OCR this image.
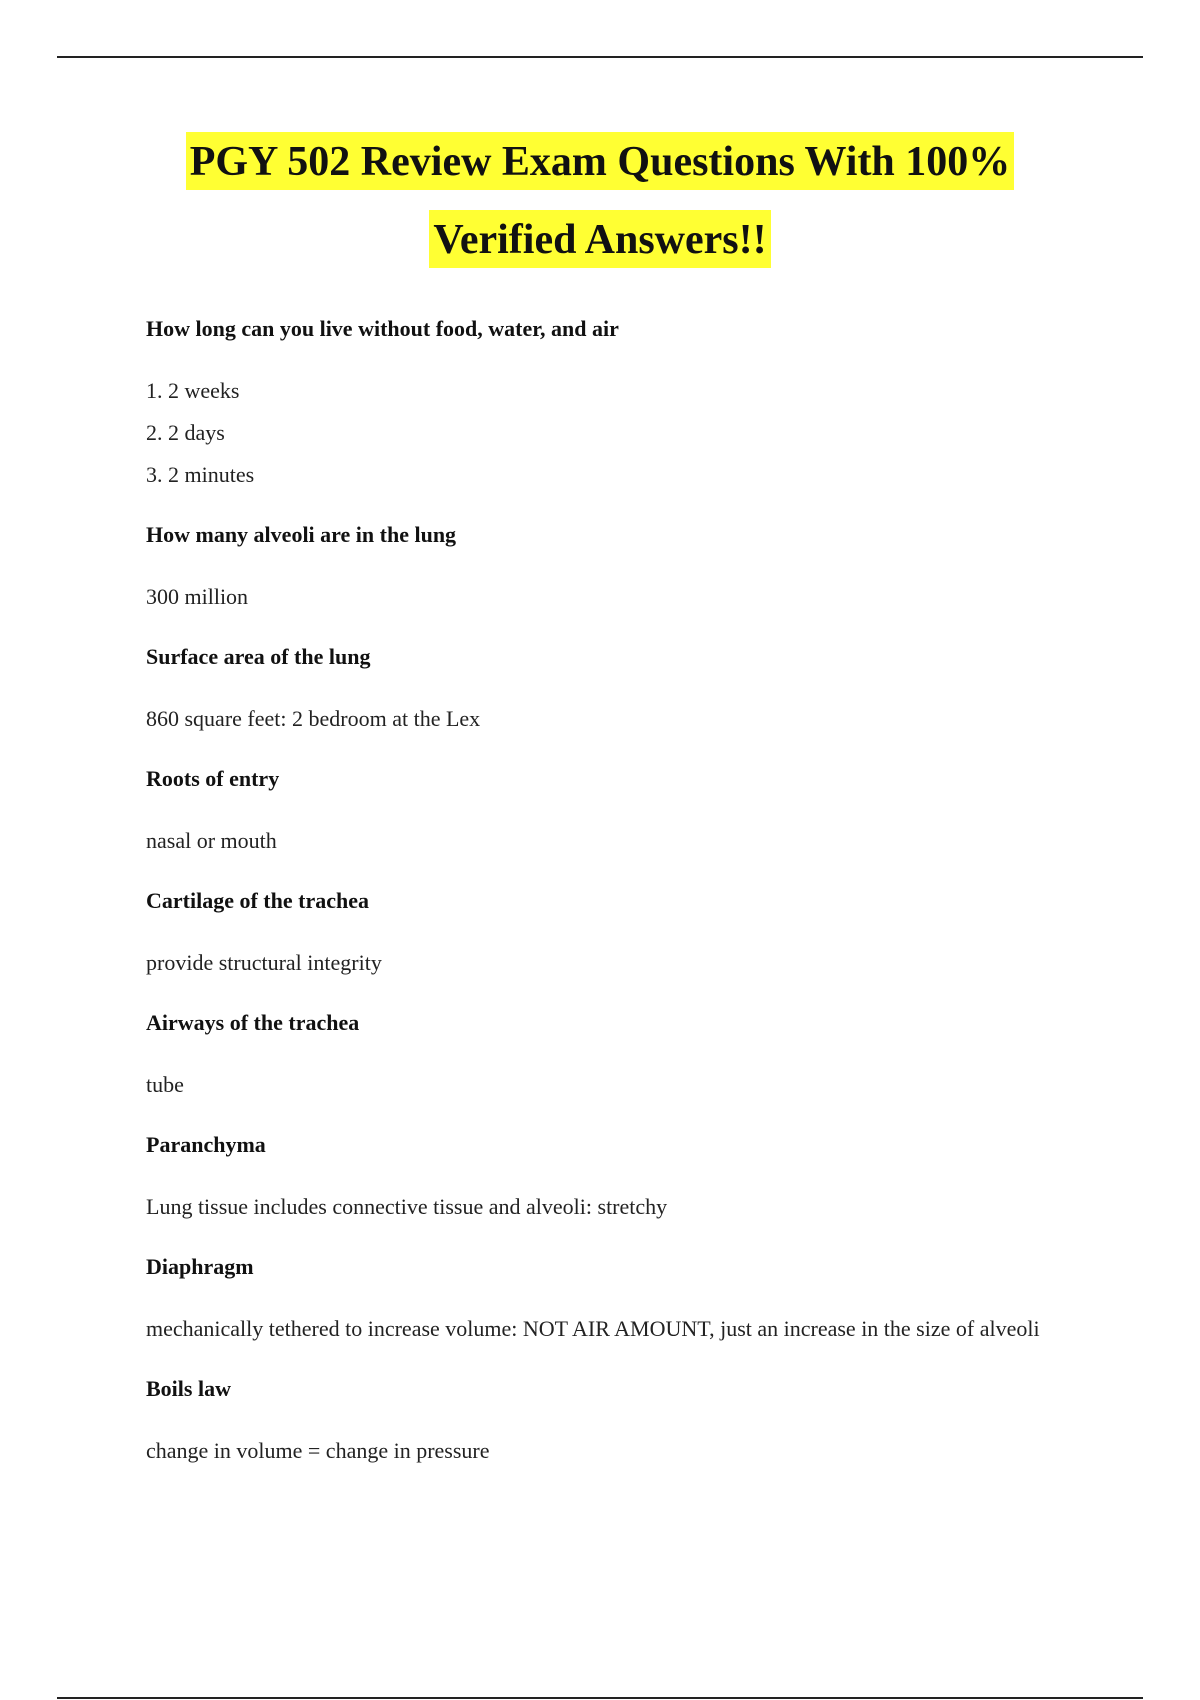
PGY 502 Review Exam Questions With 100%
Verified Answers!!

How long can you live without food, water, and air

1. 2 weeks

2. 2 days

3. 2 minutes

How many alveoli are in the lung

300 million

Surface area of the lung

860 square feet: 2 bedroom at the Lex

Roots of entry

nasal or mouth

Cartilage of the trachea

provide structural integrity

Airways of the trachea

tube

Paranchyma

Lung tissue includes connective tissue and alveoli: stretchy

Diaphragm

mechanically tethered to increase volume: NOT AIR AMOUNT, just an increase in the size of alveoli

Boils law

change in volume = change in pressure
